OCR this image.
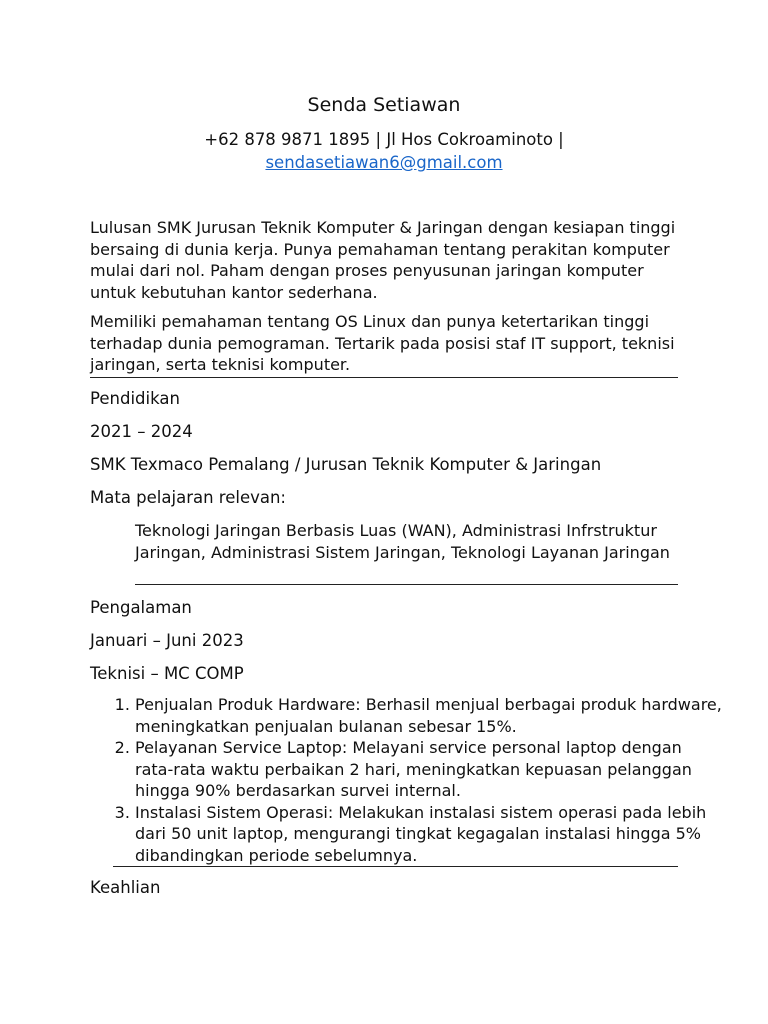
Senda Setiawan
+62 878 9871 1895 | Jl Hos Cokroaminoto |
sendasetiawan6@gmail.com
Lulusan SMK Jurusan Teknik Komputer & Jaringan dengan kesiapan tinggi bersaing di dunia kerja. Punya pemahaman tentang perakitan komputer mulai dari nol. Paham dengan proses penyusunan jaringan komputer untuk kebutuhan kantor sederhana.
Memiliki pemahaman tentang OS Linux dan punya ketertarikan tinggi terhadap dunia pemograman. Tertarik pada posisi staf IT support, teknisi jaringan, serta teknisi komputer.
Pendidikan
2021 – 2024
SMK Texmaco Pemalang / Jurusan Teknik Komputer & Jaringan
Mata pelajaran relevan:
Teknologi Jaringan Berbasis Luas (WAN), Administrasi Infrstruktur Jaringan, Administrasi Sistem Jaringan, Teknologi Layanan Jaringan
Pengalaman
Januari – Juni 2023
Teknisi – MC COMP
1. Penjualan Produk Hardware: Berhasil menjual berbagai produk hardware, meningkatkan penjualan bulanan sebesar 15%.
2. Pelayanan Service Laptop: Melayani service personal laptop dengan rata-rata waktu perbaikan 2 hari, meningkatkan kepuasan pelanggan hingga 90% berdasarkan survei internal.
3. Instalasi Sistem Operasi: Melakukan instalasi sistem operasi pada lebih dari 50 unit laptop, mengurangi tingkat kegagalan instalasi hingga 5% dibandingkan periode sebelumnya.
Keahlian
